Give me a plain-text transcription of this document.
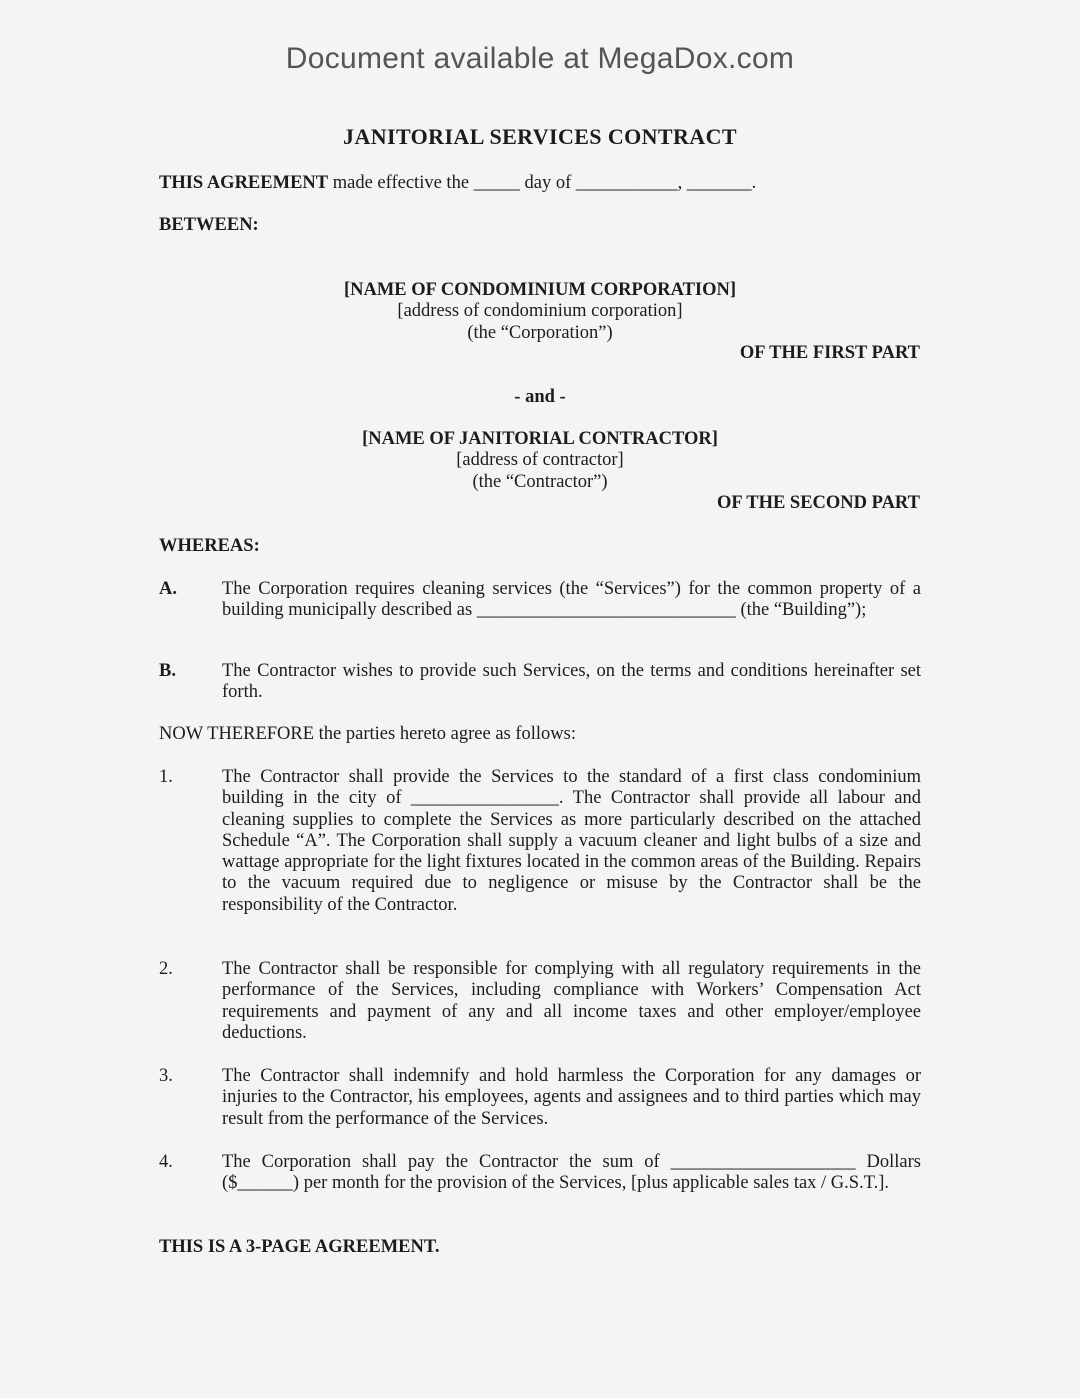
Document available at MegaDox.com
JANITORIAL SERVICES CONTRACT
THIS AGREEMENT made effective the _____ day of ___________, _______.
BETWEEN:
[NAME OF CONDOMINIUM CORPORATION]
[address of condominium corporation]
(the “Corporation”)
OF THE FIRST PART
- and -
[NAME OF JANITORIAL CONTRACTOR]
[address of contractor]
(the “Contractor”)
OF THE SECOND PART
WHEREAS:
A. The Corporation requires cleaning services (the “Services”) for the common property of a building municipally described as ____________________________ (the “Building”);
B. The Contractor wishes to provide such Services, on the terms and conditions hereinafter set forth.
NOW THEREFORE the parties hereto agree as follows:
1.	The Contractor shall provide the Services to the standard of a first class condominium building in the city of ________________. The Contractor shall provide all labour and cleaning supplies to complete the Services as more particularly described on the attached Schedule “A”. The Corporation shall supply a vacuum cleaner and light bulbs of a size and wattage appropriate for the light fixtures located in the common areas of the Building. Repairs to the vacuum required due to negligence or misuse by the Contractor shall be the responsibility of the Contractor.
2.	The Contractor shall be responsible for complying with all regulatory requirements in the performance of the Services, including compliance with Workers’ Compensation Act requirements and payment of any and all income taxes and other employer/employee deductions.
3.	The Contractor shall indemnify and hold harmless the Corporation for any damages or injuries to the Contractor, his employees, agents and assignees and to third parties which may result from the performance of the Services.
4.	The Corporation shall pay the Contractor the sum of ____________________ Dollars ($______) per month for the provision of the Services, [plus applicable sales tax / G.S.T.].
THIS IS A 3-PAGE AGREEMENT.
